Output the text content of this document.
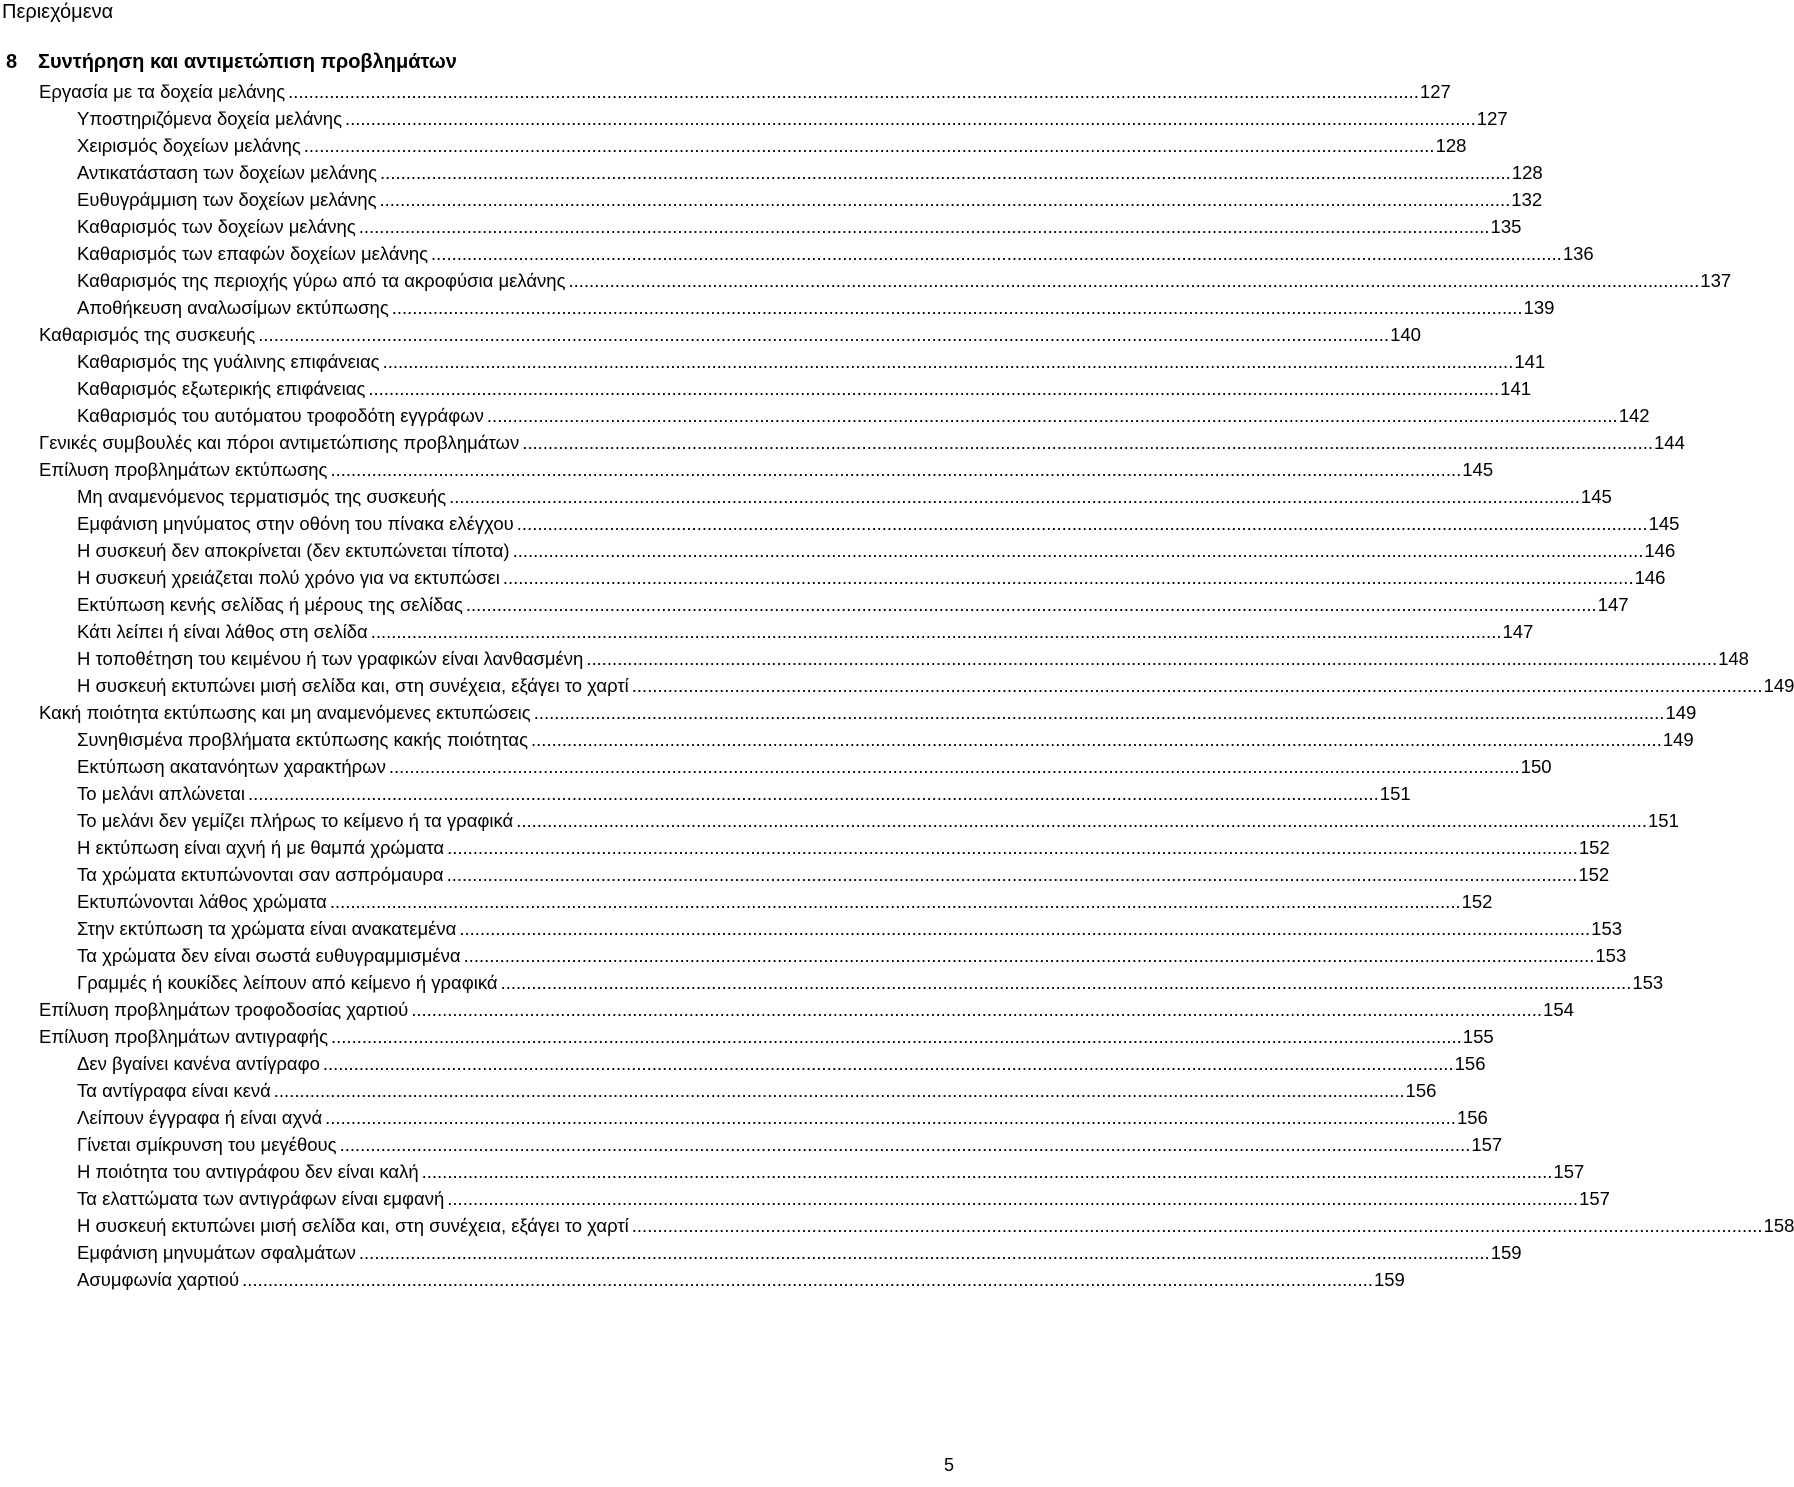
Περιεχόμενα
8	Συντήρηση και αντιμετώπιση προβλημάτων
Εργασία με τα δοχεία μελάνης ............................................................................................................................................................................................................................ 127
Υποστηριζόμενα δοχεία μελάνης ............................................................................................................................................................................................................................ 127
Χειρισμός δοχείων μελάνης ............................................................................................................................................................................................................................ 128
Αντικατάσταση των δοχείων μελάνης ............................................................................................................................................................................................................................ 128
Ευθυγράμμιση των δοχείων μελάνης ............................................................................................................................................................................................................................ 132
Καθαρισμός των δοχείων μελάνης ............................................................................................................................................................................................................................ 135
Καθαρισμός των επαφών δοχείων μελάνης ............................................................................................................................................................................................................................ 136
Καθαρισμός της περιοχής γύρω από τα ακροφύσια μελάνης ............................................................................................................................................................................................................................ 137
Αποθήκευση αναλωσίμων εκτύπωσης ............................................................................................................................................................................................................................ 139
Καθαρισμός της συσκευής ............................................................................................................................................................................................................................ 140
Καθαρισμός της γυάλινης επιφάνειας ............................................................................................................................................................................................................................ 141
Καθαρισμός εξωτερικής επιφάνειας ............................................................................................................................................................................................................................ 141
Καθαρισμός του αυτόματου τροφοδότη εγγράφων ............................................................................................................................................................................................................................ 142
Γενικές συμβουλές και πόροι αντιμετώπισης προβλημάτων ............................................................................................................................................................................................................................ 144
Επίλυση προβλημάτων εκτύπωσης ............................................................................................................................................................................................................................ 145
Μη αναμενόμενος τερματισμός της συσκευής ............................................................................................................................................................................................................................ 145
Εμφάνιση μηνύματος στην οθόνη του πίνακα ελέγχου ............................................................................................................................................................................................................................ 145
Η συσκευή δεν αποκρίνεται (δεν εκτυπώνεται τίποτα) ............................................................................................................................................................................................................................ 146
Η συσκευή χρειάζεται πολύ χρόνο για να εκτυπώσει ............................................................................................................................................................................................................................ 146
Εκτύπωση κενής σελίδας ή μέρους της σελίδας ............................................................................................................................................................................................................................ 147
Κάτι λείπει ή είναι λάθος στη σελίδα ............................................................................................................................................................................................................................ 147
Η τοποθέτηση του κειμένου ή των γραφικών είναι λανθασμένη ............................................................................................................................................................................................................................ 148
Η συσκευή εκτυπώνει μισή σελίδα και, στη συνέχεια, εξάγει το χαρτί ............................................................................................................................................................................................................................ 149
Κακή ποιότητα εκτύπωσης και μη αναμενόμενες εκτυπώσεις ............................................................................................................................................................................................................................ 149
Συνηθισμένα προβλήματα εκτύπωσης κακής ποιότητας ............................................................................................................................................................................................................................ 149
Εκτύπωση ακατανόητων χαρακτήρων ............................................................................................................................................................................................................................ 150
Το μελάνι απλώνεται ............................................................................................................................................................................................................................ 151
Το μελάνι δεν γεμίζει πλήρως το κείμενο ή τα γραφικά ............................................................................................................................................................................................................................ 151
Η εκτύπωση είναι αχνή ή με θαμπά χρώματα ............................................................................................................................................................................................................................ 152
Τα χρώματα εκτυπώνονται σαν ασπρόμαυρα ............................................................................................................................................................................................................................ 152
Εκτυπώνονται λάθος χρώματα ............................................................................................................................................................................................................................ 152
Στην εκτύπωση τα χρώματα είναι ανακατεμένα ............................................................................................................................................................................................................................ 153
Τα χρώματα δεν είναι σωστά ευθυγραμμισμένα ............................................................................................................................................................................................................................ 153
Γραμμές ή κουκίδες λείπουν από κείμενο ή γραφικά ............................................................................................................................................................................................................................ 153
Επίλυση προβλημάτων τροφοδοσίας χαρτιού ............................................................................................................................................................................................................................ 154
Επίλυση προβλημάτων αντιγραφής ............................................................................................................................................................................................................................ 155
Δεν βγαίνει κανένα αντίγραφο ............................................................................................................................................................................................................................ 156
Τα αντίγραφα είναι κενά ............................................................................................................................................................................................................................ 156
Λείπουν έγγραφα ή είναι αχνά ............................................................................................................................................................................................................................ 156
Γίνεται σμίκρυνση του μεγέθους ............................................................................................................................................................................................................................ 157
Η ποιότητα του αντιγράφου δεν είναι καλή ............................................................................................................................................................................................................................ 157
Τα ελαττώματα των αντιγράφων είναι εμφανή ............................................................................................................................................................................................................................ 157
Η συσκευή εκτυπώνει μισή σελίδα και, στη συνέχεια, εξάγει το χαρτί ............................................................................................................................................................................................................................ 158
Εμφάνιση μηνυμάτων σφαλμάτων ............................................................................................................................................................................................................................ 159
Ασυμφωνία χαρτιού ............................................................................................................................................................................................................................ 159
5
